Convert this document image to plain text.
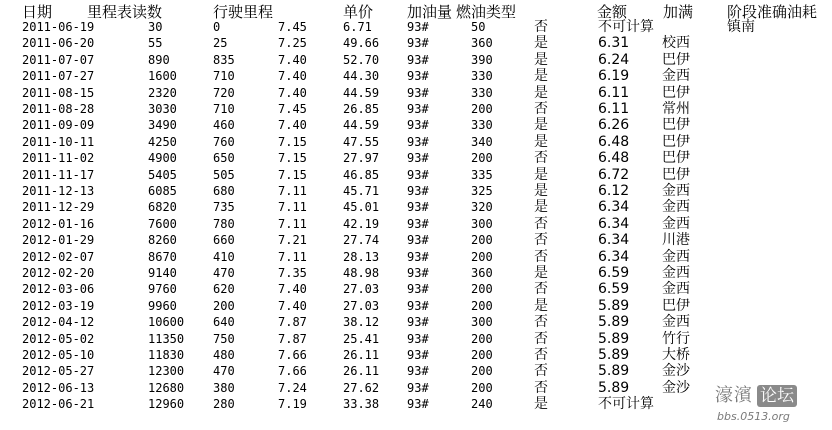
日期 里程表读数	行驶里程	单价 加油量 燃油类型	金额 加满 阶段准确油耗
2011-06-19	30	0	7.45	6.71	93#	50	否	不可计算	镇南
2011-06-20	55	25	7.25	49.66 93#	360	是	6.31 校西
2011-07-07	890	835	7.40	52.70 93#	390	是	6.24 巴伊
2011-07-27	1600	710	7.40	44.30 93#	330	是	6.19 金西
2011-08-15	2320	720	7.40	44.59 93#	330	是	6.11 巴伊
2011-08-28	3030	710	7.45	26.85 93#	200	否	6.11 常州
2011-09-09	3490	460	7.40	44.59 93#	330	是	6.26 巴伊
2011-10-11	4250	760	7.15	47.55 93#	340	是	6.48 巴伊
2011-11-02	4900	650	7.15	27.97 93#	200	否	6.48 巴伊
2011-11-17	5405	505	7.15	46.85 93#	335	是	6.72 巴伊
2011-12-13	6085	680	7.11	45.71 93#	325	是	6.12 金西
2011-12-29	6820	735	7.11	45.01 93#	320	是	6.34 金西
2012-01-16	7600	780	7.11	42.19 93#	300	否	6.34 金西
2012-01-29	8260	660	7.21	27.74 93#	200	否	6.34 川港
2012-02-07	8670	410	7.11	28.13 93#	200	否	6.34 金西
2012-02-20	9140	470	7.35	48.98 93#	360	是	6.59 金西
2012-03-06	9760	620	7.40	27.03 93#	200	否	6.59 金西
2012-03-19	9960	200	7.40	27.03 93#	200	是	5.89 巴伊
2012-04-12	10600 640	7.87	38.12 93#	300	否	5.89 金西
2012-05-02	11350 750	7.87	25.41 93#	200	否	5.89 竹行
2012-05-10	11830 480	7.66	26.11 93#	200	否	5.89 大桥
2012-05-27	12300 470	7.66	26.11 93#	200	否	5.89 金沙
2012-06-13	12680 380	7.24	27.62 93#	200	否	5.89 金沙
2012-06-21	12960 280	7.19	33.38 93#	240	是	不可计算	濠濱 论坛
bbs.0513.org
